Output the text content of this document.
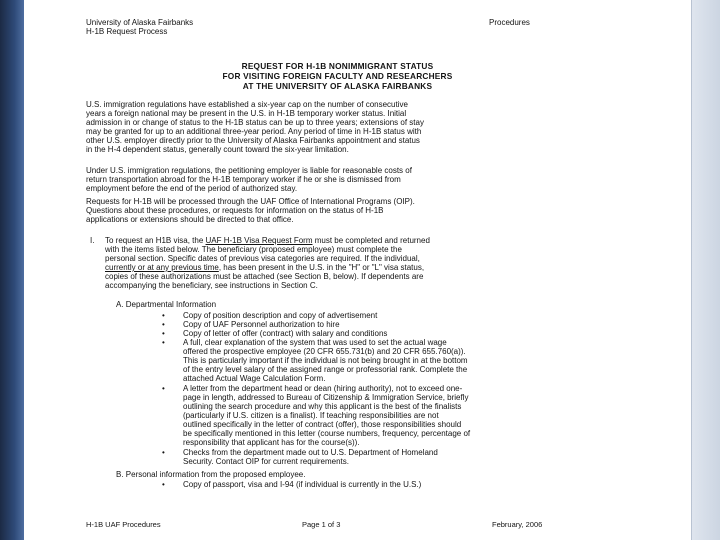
University of Alaska Fairbanks	Procedures
H-1B Request Process
REQUEST FOR H-1B NONIMMIGRANT STATUS
FOR VISITING FOREIGN FACULTY AND RESEARCHERS
AT THE UNIVERSITY OF ALASKA FAIRBANKS
U.S. immigration regulations have established a six-year cap on the number of consecutive
years a foreign national may be present in the U.S. in H-1B temporary worker status. Initial
admission in or change of status to the H-1B status can be up to three years; extensions of stay
may be granted for up to an additional three-year period. Any period of time in H-1B status with
other U.S. employer directly prior to the University of Alaska Fairbanks appointment and status
in the H-4 dependent status, generally count toward the six-year limitation.
Under U.S. immigration regulations, the petitioning employer is liable for reasonable costs of
return transportation abroad for the H-1B temporary worker if he or she is dismissed from
employment before the end of the period of authorized stay.
Requests for H-1B will be processed through the UAF Office of International Programs (OIP).
Questions about these procedures, or requests for information on the status of H-1B
applications or extensions should be directed to that office.
I. To request an H1B visa, the UAF H-1B Visa Request Form must be completed and returned
with the items listed below. The beneficiary (proposed employee) must complete the
personal section. Specific dates of previous visa categories are required. If the individual,
currently or at any previous time, has been present in the U.S. in the "H" or "L" visa status,
copies of these authorizations must be attached (see Section B, below). If dependents are
accompanying the beneficiary, see instructions in Section C.
A. Departmental Information
• Copy of position description and copy of advertisement
• Copy of UAF Personnel authorization to hire
• Copy of letter of offer (contract) with salary and conditions
• A full, clear explanation of the system that was used to set the actual wage
offered the prospective employee (20 CFR 655.731(b) and 20 CFR 655.760(a)).
This is particularly important if the individual is not being brought in at the bottom
of the entry level salary of the assigned range or professorial rank. Complete the
attached Actual Wage Calculation Form.
• A letter from the department head or dean (hiring authority), not to exceed one-
page in length, addressed to Bureau of Citizenship & Immigration Service, briefly
outlining the search procedure and why this applicant is the best of the finalists
(particularly if U.S. citizen is a finalist). If teaching responsibilities are not
outlined specifically in the letter of contract (offer), those responsibilities should
be specifically mentioned in this letter (course numbers, frequency, percentage of
responsibility that applicant has for the course(s)).
• Checks from the department made out to U.S. Department of Homeland
Security. Contact OIP for current requirements.
B. Personal information from the proposed employee.
• Copy of passport, visa and I-94 (if individual is currently in the U.S.)
H-1B UAF Procedures	Page 1 of 3	February, 2006
